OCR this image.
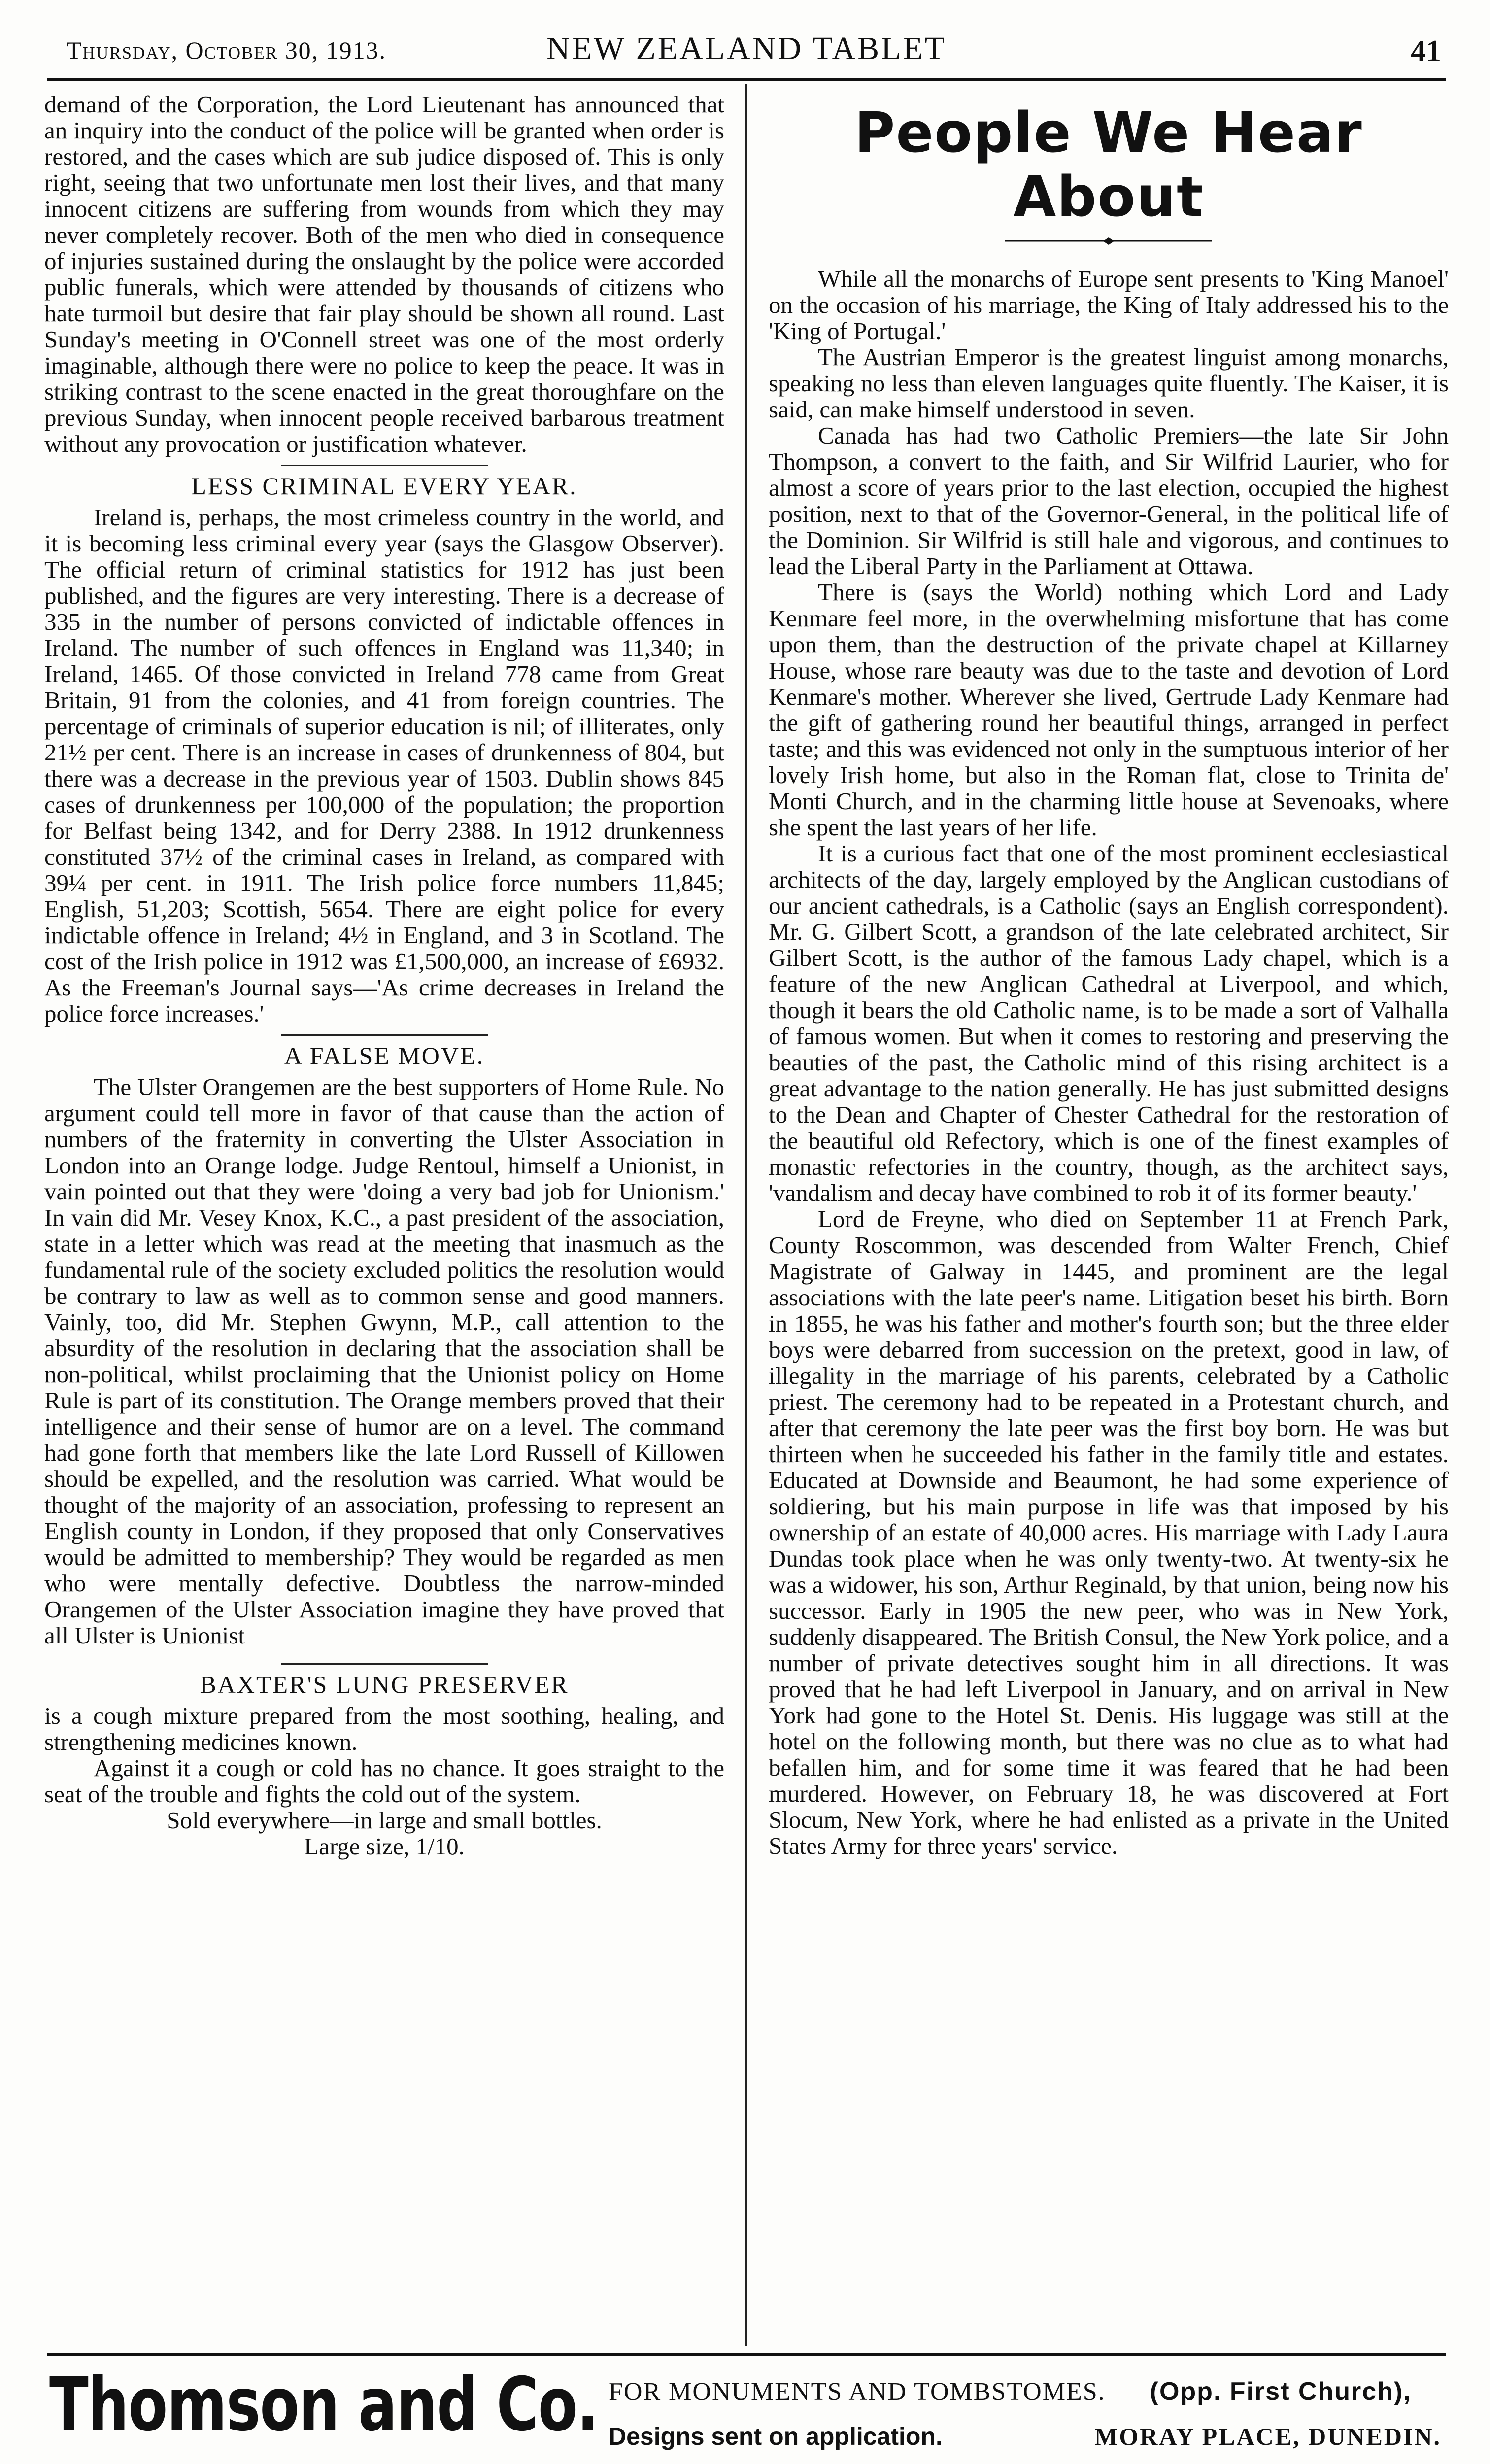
Thursday, October 30, 1913.	NEW ZEALAND TABLET	41

demand of the Corporation, the Lord Lieutenant has announced that an inquiry into the conduct of the police will be granted when order is restored, and the cases which are sub judice disposed of. This is only right, seeing that two unfortunate men lost their lives, and that many innocent citizens are suffering from wounds from which they may never completely recover. Both of the men who died in consequence of injuries sustained during the onslaught by the police were accorded public funerals, which were attended by thousands of citizens who hate turmoil but desire that fair play should be shown all round. Last Sunday's meeting in O'Connell street was one of the most orderly imaginable, although there were no police to keep the peace. It was in striking contrast to the scene enacted in the great thoroughfare on the previous Sunday, when innocent people received barbarous treatment without any provocation or justification whatever.

LESS CRIMINAL EVERY YEAR.

Ireland is, perhaps, the most crimeless country in the world, and it is becoming less criminal every year (says the Glasgow Observer). The official return of criminal statistics for 1912 has just been published, and the figures are very interesting. There is a decrease of 335 in the number of persons convicted of indictable offences in Ireland. The number of such offences in England was 11,340; in Ireland, 1465. Of those convicted in Ireland 778 came from Great Britain, 91 from the colonies, and 41 from foreign countries. The percentage of criminals of superior education is nil; of illiterates, only 21½ per cent. There is an increase in cases of drunkenness of 804, but there was a decrease in the previous year of 1503. Dublin shows 845 cases of drunkenness per 100,000 of the population; the proportion for Belfast being 1342, and for Derry 2388. In 1912 drunkenness constituted 37½ of the criminal cases in Ireland, as compared with 39¼ per cent. in 1911. The Irish police force numbers 11,845; English, 51,203; Scottish, 5654. There are eight police for every indictable offence in Ireland; 4½ in England, and 3 in Scotland. The cost of the Irish police in 1912 was £1,500,000, an increase of £6932. As the Freeman's Journal says—'As crime decreases in Ireland the police force increases.'

A FALSE MOVE.

The Ulster Orangemen are the best supporters of Home Rule. No argument could tell more in favor of that cause than the action of numbers of the fraternity in converting the Ulster Association in London into an Orange lodge. Judge Rentoul, himself a Unionist, in vain pointed out that they were 'doing a very bad job for Unionism.' In vain did Mr. Vesey Knox, K.C., a past president of the association, state in a letter which was read at the meeting that inasmuch as the fundamental rule of the society excluded politics the resolution would be contrary to law as well as to common sense and good manners. Vainly, too, did Mr. Stephen Gwynn, M.P., call attention to the absurdity of the resolution in declaring that the association shall be non-political, whilst proclaiming that the Unionist policy on Home Rule is part of its constitution. The Orange members proved that their intelligence and their sense of humor are on a level. The command had gone forth that members like the late Lord Russell of Killowen should be expelled, and the resolution was carried. What would be thought of the majority of an association, professing to represent an English county in London, if they proposed that only Conservatives would be admitted to membership? They would be regarded as men who were mentally defective. Doubtless the narrow-minded Orangemen of the Ulster Association imagine they have proved that all Ulster is Unionist

BAXTER'S LUNG PRESERVER

is a cough mixture prepared from the most soothing, healing, and strengthening medicines known.

Against it a cough or cold has no chance. It goes straight to the seat of the trouble and fights the cold out of the system.

Sold everywhere—in large and small bottles.

Large size, 1/10.

People We Hear About

While all the monarchs of Europe sent presents to 'King Manoel' on the occasion of his marriage, the King of Italy addressed his to the 'King of Portugal.'

The Austrian Emperor is the greatest linguist among monarchs, speaking no less than eleven languages quite fluently. The Kaiser, it is said, can make himself understood in seven.

Canada has had two Catholic Premiers—the late Sir John Thompson, a convert to the faith, and Sir Wilfrid Laurier, who for almost a score of years prior to the last election, occupied the highest position, next to that of the Governor-General, in the political life of the Dominion. Sir Wilfrid is still hale and vigorous, and continues to lead the Liberal Party in the Parliament at Ottawa.

There is (says the World) nothing which Lord and Lady Kenmare feel more, in the overwhelming misfortune that has come upon them, than the destruction of the private chapel at Killarney House, whose rare beauty was due to the taste and devotion of Lord Kenmare's mother. Wherever she lived, Gertrude Lady Kenmare had the gift of gathering round her beautiful things, arranged in perfect taste; and this was evidenced not only in the sumptuous interior of her lovely Irish home, but also in the Roman flat, close to Trinita de' Monti Church, and in the charming little house at Sevenoaks, where she spent the last years of her life.

It is a curious fact that one of the most prominent ecclesiastical architects of the day, largely employed by the Anglican custodians of our ancient cathedrals, is a Catholic (says an English correspondent). Mr. G. Gilbert Scott, a grandson of the late celebrated architect, Sir Gilbert Scott, is the author of the famous Lady chapel, which is a feature of the new Anglican Cathedral at Liverpool, and which, though it bears the old Catholic name, is to be made a sort of Valhalla of famous women. But when it comes to restoring and preserving the beauties of the past, the Catholic mind of this rising architect is a great advantage to the nation generally. He has just submitted designs to the Dean and Chapter of Chester Cathedral for the restoration of the beautiful old Refectory, which is one of the finest examples of monastic refectories in the country, though, as the architect says, 'vandalism and decay have combined to rob it of its former beauty.'

Lord de Freyne, who died on September 11 at French Park, County Roscommon, was descended from Walter French, Chief Magistrate of Galway in 1445, and prominent are the legal associations with the late peer's name. Litigation beset his birth. Born in 1855, he was his father and mother's fourth son; but the three elder boys were debarred from succession on the pretext, good in law, of illegality in the marriage of his parents, celebrated by a Catholic priest. The ceremony had to be repeated in a Protestant church, and after that ceremony the late peer was the first boy born. He was but thirteen when he succeeded his father in the family title and estates. Educated at Downside and Beaumont, he had some experience of soldiering, but his main purpose in life was that imposed by his ownership of an estate of 40,000 acres. His marriage with Lady Laura Dundas took place when he was only twenty-two. At twenty-six he was a widower, his son, Arthur Reginald, by that union, being now his successor. Early in 1905 the new peer, who was in New York, suddenly disappeared. The British Consul, the New York police, and a number of private detectives sought him in all directions. It was proved that he had left Liverpool in January, and on arrival in New York had gone to the Hotel St. Denis. His luggage was still at the hotel on the following month, but there was no clue as to what had befallen him, and for some time it was feared that he had been murdered. However, on February 18, he was discovered at Fort Slocum, New York, where he had enlisted as a private in the United States Army for three years' service.

Thomson and Co. FOR MONUMENTS AND TOMBSTOMES. (Opp. First Church),
Designs sent on application.	MORAY PLACE, DUNEDIN.
